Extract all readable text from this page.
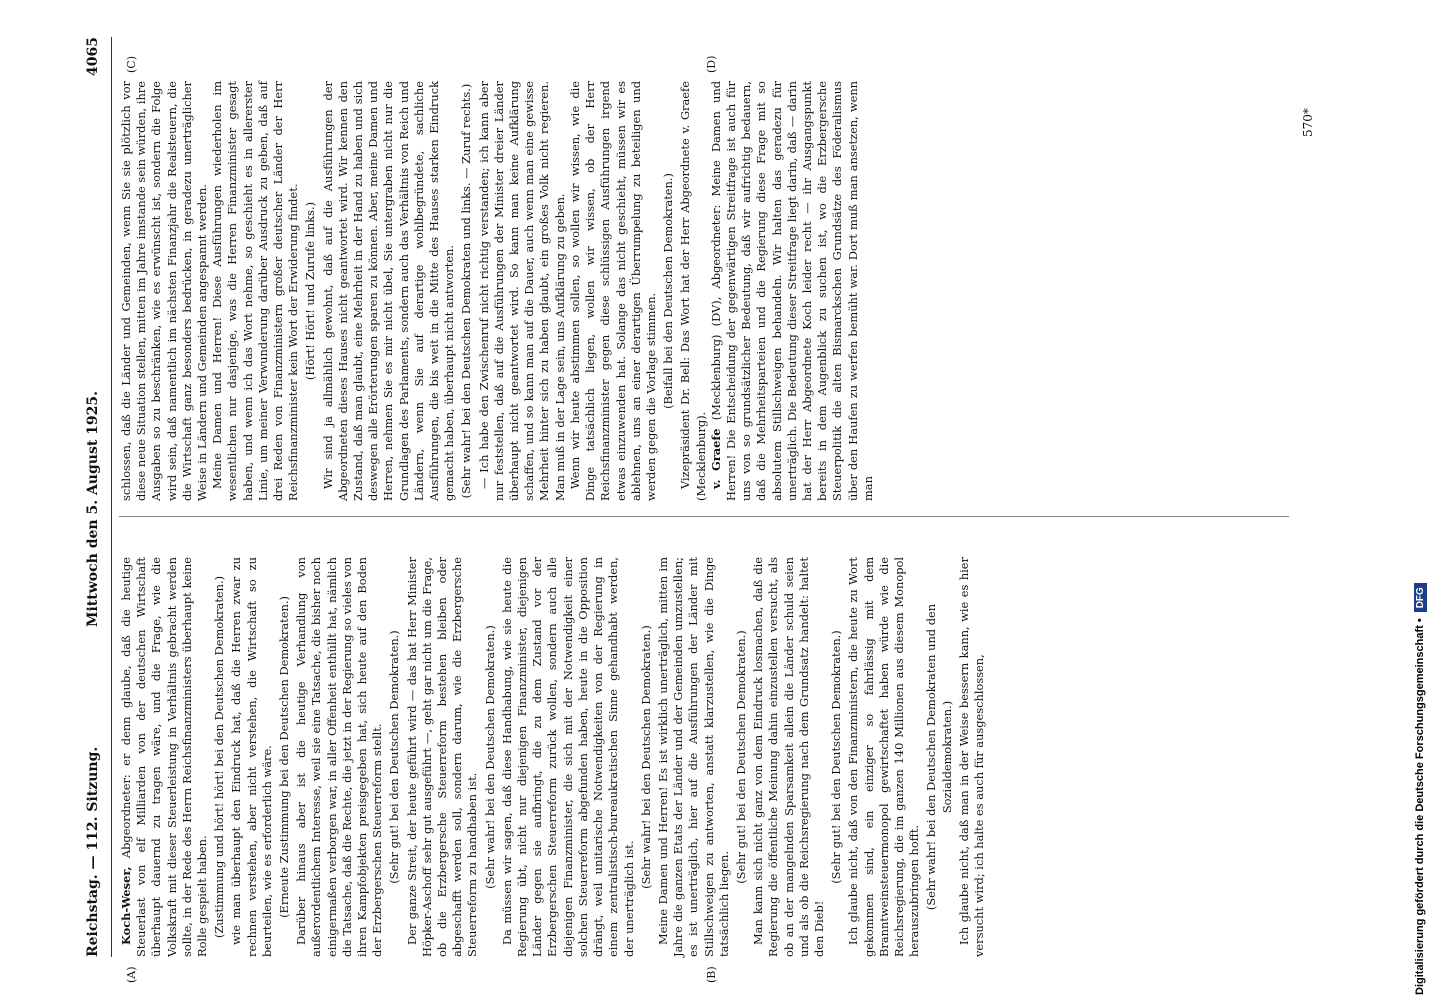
Reichstag. — 112. Sitzung.  Mittwoch den 5. August 1925.
4065

Koch-Weser, Abgeordneter: er denn glaube, daß die heutige Steuerlast von elf Milliarden von der deutschen Wirtschaft überhaupt dauernd zu tragen wäre, und die Frage, wie die Volkskraft mit dieser Steuerleistung in Verhältnis gebracht werden sollte, in der Rede des Herrn Reichsfinanzministers überhaupt keine Rolle gespielt haben. (Zustimmung und hört! hört! bei den Deutschen Demokraten.) wie man überhaupt den Eindruck hat, daß die Herren zwar zu rechnen verstehen, aber nicht verstehen, die Wirtschaft so zu beurteilen, wie es erforderlich wäre. (Erneute Zustimmung bei den Deutschen Demokraten.) Darüber hinaus aber ist die heutige Verhandlung von außerordentlichem Interesse, weil sie eine Tatsache, die bisher noch einigermaßen verborgen war, in aller Offenheit enthüllt hat, nämlich die Tatsache, daß die Rechte, die jetzt in der Regierung so vieles von ihren Kampfobjekten preisgegeben hat, sich heute auf den Boden der Erzbergerschen Steuerreform stellt. (Sehr gut! bei den Deutschen Demokraten.) Der ganze Streit, der heute geführt wird — das hat Herr Minister Höpker-Aschoff sehr gut ausgeführt —, geht gar nicht um die Frage, ob die Erzbergersche Steuerreform bestehen bleiben oder abgeschafft werden soll, sondern darum, wie die Erzbergersche Steuerreform zu handhaben ist. (Sehr wahr! bei den Deutschen Demokraten.) Da müssen wir sagen, daß diese Handhabung, wie sie heute die Regierung übt, nicht nur diejenigen Finanzminister, diejenigen Länder gegen sie aufbringt, die zu dem Zustand vor der Erzbergerschen Steuerreform zurück wollen, sondern auch alle diejenigen Finanzminister, die sich mit der Notwendigkeit einer solchen Steuerreform abgefunden haben, heute in die Opposition drängt, weil unitarische Notwendigkeiten von der Regierung in einem zentralistisch-bureaukratischen Sinne gehandhabt werden, der unerträglich ist.

(Sehr wahr! bei den Deutschen Demokraten.) Meine Damen und Herren! Es ist wirklich unerträglich, mitten im Jahre die ganzen Etats der Länder und der Gemeinden umzustellen; es ist unerträglich, hier auf die Ausführungen der Länder mit Stillschweigen zu antworten, anstatt klarzustellen, wie die Dinge tatsächlich liegen.

(Sehr gut! bei den Deutschen Demokraten.) Man kann sich nicht ganz von dem Eindruck losmachen, daß die Regierung die öffentliche Meinung dahin einzustellen versucht, als ob an der mangelnden Sparsamkeit allein die Länder schuld seien und als ob die Reichsregierung nach dem Grundsatz handelt: haltet den Dieb!

(Sehr gut! bei den Deutschen Demokraten.) Ich glaube nicht, daß von den Finanzministern, die heute zu Wort gekommen sind, ein einziger so fahrlässig mit dem Branntweinsteuermonopol gewirtschaftet haben würde wie die Reichsregierung, die im ganzen 140 Millionen aus diesem Monopol herauszubringen hofft. (Sehr wahr! bei den Deutschen Demokraten und den Sozialdemokraten.) Ich glaube nicht, daß man in der Weise bessern kann, wie es hier versucht wird; ich halte es auch für ausgeschlossen,

schlossen, daß die Länder und Gemeinden, wenn Sie sie plötzlich vor diese neue Situation stellen, mitten im Jahre imstande sein würden, ihre Ausgaben so zu beschränken, wie es erwünscht ist, sondern die Folge wird sein, daß namentlich im nächsten Finanzjahr die Realsteuern, die die Wirtschaft ganz besonders bedrücken, in geradezu unerträglicher Weise in Ländern und Gemeinden angespannt werden. Meine Damen und Herren! Diese Ausführungen wiederholen im wesentlichen nur dasjenige, was die Herren Finanzminister gesagt haben, und wenn ich das Wort nehme, so geschieht es in allererster Linie, um meiner Verwunderung darüber Ausdruck zu geben, daß auf drei Reden von Finanzministern großer deutscher Länder der Herr Reichsfinanzminister kein Wort der Erwiderung findet. (Hört! Hört! und Zurufe links.) Wir sind ja allmählich gewohnt, daß auf die Ausführungen der Abgeordneten dieses Hauses nicht geantwortet wird. Wir kennen den Zustand, daß man glaubt, eine Mehrheit in der Hand zu haben und sich deswegen alle Erörterungen sparen zu können. Aber, meine Damen und Herren, nehmen Sie es mir nicht übel, Sie untergraben nicht nur die Grundlagen des Parlaments, sondern auch das Verhältnis von Reich und Ländern, wenn Sie auf derartige wohlbegründete, sachliche Ausführungen, die bis weit in die Mitte des Hauses starken Eindruck gemacht haben, überhaupt nicht antworten. (Sehr wahr! bei den Deutschen Demokraten und links. — Zuruf rechts.) — Ich habe den Zwischenruf nicht richtig verstanden; ich kann aber nur feststellen, daß auf die Ausführungen der Minister dreier Länder überhaupt nicht geantwortet wird. So kann man keine Aufklärung schaffen, und so kann man auf die Dauer, auch wenn man eine gewisse Mehrheit hinter sich zu haben glaubt, ein großes Volk nicht regieren. Man muß in der Lage sein, uns Aufklärung zu geben. Wenn wir heute abstimmen sollen, so wollen wir wissen, wie die Dinge tatsächlich liegen, wollen wir wissen, ob der Herr Reichsfinanzminister gegen diese schlüssigen Ausführungen irgend etwas einzuwenden hat. Solange das nicht geschieht, müssen wir es ablehnen, uns an einer derartigen Überrumpelung zu beteiligen und werden gegen die Vorlage stimmen. (Beifall bei den Deutschen Demokraten.) Vizepräsident Dr. Bell: Das Wort hat der Herr Abgeordnete v. Graefe (Mecklenburg). v. Graefe (Mecklenburg) (DV), Abgeordneter: Meine Damen und Herren! Die Entscheidung der gegenwärtigen Streitfrage ist auch für uns von so grundsätzlicher Bedeutung, daß wir aufrichtig bedauern, daß die Mehrheitsparteien und die Regierung diese Frage mit so absolutem Stillschweigen behandeln. Wir halten das geradezu für unerträglich. Die Bedeutung dieser Streitfrage liegt darin, daß — darin hat der Herr Abgeordnete Koch leider recht — ihr Ausgangspunkt bereits in dem Augenblick zu suchen ist, wo die Erzbergersche Steuerpolitik die alten Bismarckschen Grundsätze des Föderalismus über den Haufen zu werfen bemüht war. Dort muß man ansetzen, wenn man

(A)	(B)
(C)	(D)
570*
Digitalisierung gefördert durch die Deutsche Forschungsgemeinschaft •
DFG
